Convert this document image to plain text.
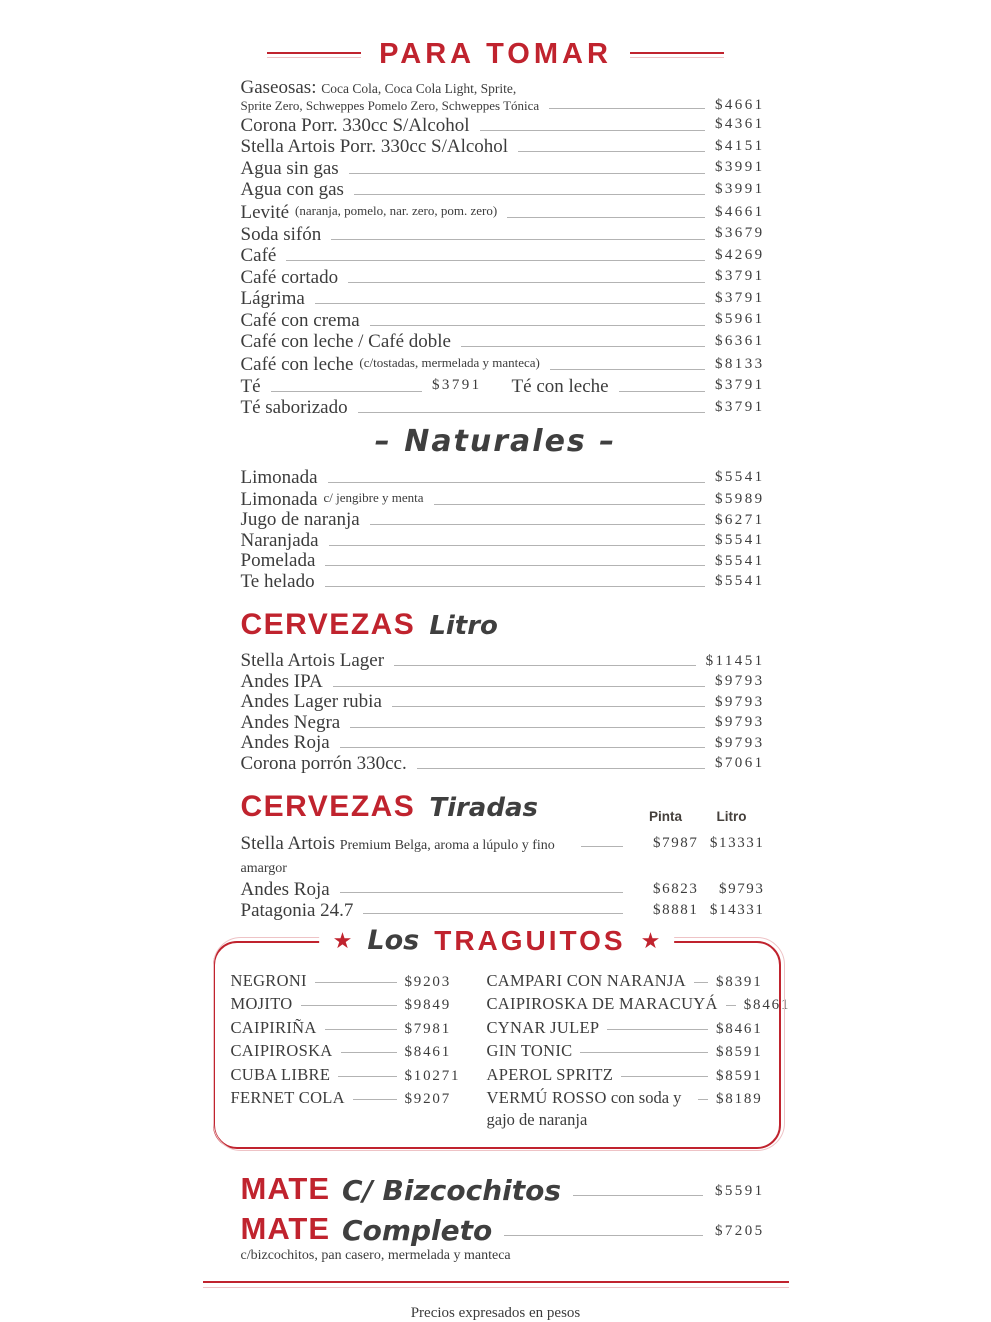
PARA TOMAR
Gaseosas: Coca Cola, Coca Cola Light, Sprite,
Sprite Zero, Schweppes Pomelo Zero, Schweppes Tónica	$4661
Corona Porr. 330cc S/Alcohol	$4361
Stella Artois Porr. 330cc S/Alcohol	$4151
Agua sin gas	$3991
Agua con gas	$3991
Levité (naranja, pomelo, nar. zero, pom. zero)	$4661
Soda sifón	$3679
Café	$4269
Café cortado	$3791
Lágrima	$3791
Café con crema	$5961
Café con leche / Café doble	$6361
Café con leche (c/tostadas, mermelada y manteca)	$8133
Té	$3791 Té con leche	$3791
Té saborizado	$3791
– Naturales –
Limonada	$5541
Limonada c/ jengibre y menta	$5989
Jugo de naranja	$6271
Naranjada	$5541
Pomelada	$5541
Te helado	$5541
CERVEZAS Litro
Stella Artois Lager	$11451
Andes IPA	$9793
Andes Lager rubia	$9793
Andes Negra	$9793
Andes Roja	$9793
Corona porrón 330cc.	$7061
CERVEZAS Tiradas	Pinta	Litro
Stella Artois Premium Belga, aroma a lúpulo y fino amargor
$7987 $13331
Andes Roja	$6823	$9793
Patagonia 24.7	$8881 $14331
★ Los TRAGUITOS ★
NEGRONI	$9203
MOJITO	$9849
CAIPIRIÑA	$7981
CAIPIROSKA	$8461
CUBA LIBRE	$10271
FERNET COLA	$9207
CAMPARI CON NARANJA $8391
CAIPIROSKA DE MARACUYÁ $8461
CYNAR JULEP	$8461
GIN TONIC	$8591
APEROL SPRITZ	$8591
VERMÚ ROSSO con soda y gajo de naranja
$8189
MATE C/ Bizcochitos	$5591
MATE Completo	$7205
c/bizcochitos, pan casero, mermelada y manteca
Precios expresados en pesos
